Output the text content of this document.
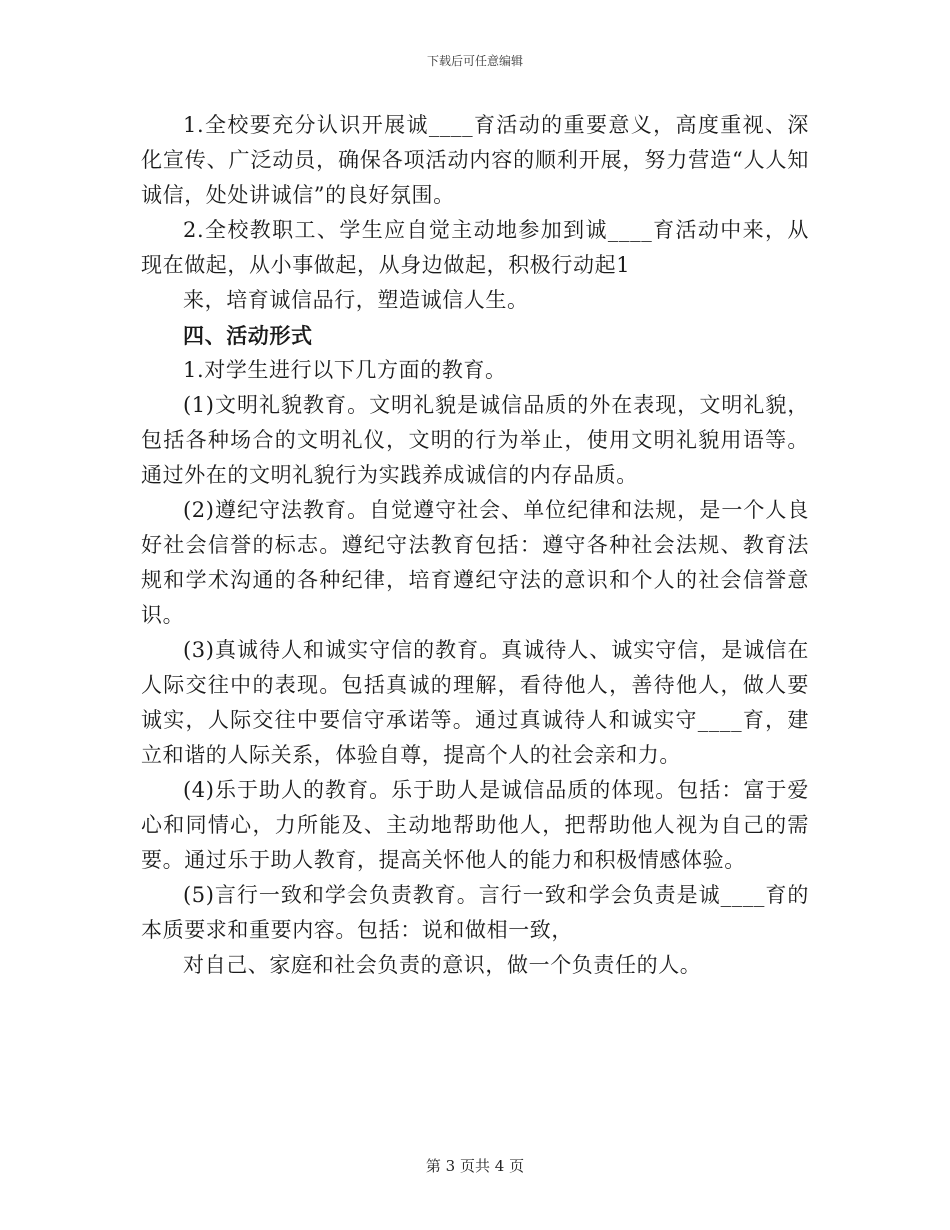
下载后可任意编辑

1.全校要充分认识开展诚____育活动的重要意义，高度重视、深化宣传、广泛动员，确保各项活动内容的顺利开展，努力营造“人人知诚信，处处讲诚信”的良好氛围。

2.全校教职工、学生应自觉主动地参加到诚____育活动中来，从现在做起，从小事做起，从身边做起，积极行动起1

来，培育诚信品行，塑造诚信人生。

四、活动形式

1.对学生进行以下几方面的教育。

(1)文明礼貌教育。文明礼貌是诚信品质的外在表现，文明礼貌，包括各种场合的文明礼仪，文明的行为举止，使用文明礼貌用语等。通过外在的文明礼貌行为实践养成诚信的内存品质。

(2)遵纪守法教育。自觉遵守社会、单位纪律和法规，是一个人良好社会信誉的标志。遵纪守法教育包括：遵守各种社会法规、教育法规和学术沟通的各种纪律，培育遵纪守法的意识和个人的社会信誉意识。

(3)真诚待人和诚实守信的教育。真诚待人、诚实守信，是诚信在人际交往中的表现。包括真诚的理解，看待他人，善待他人，做人要诚实，人际交往中要信守承诺等。通过真诚待人和诚实守____育，建立和谐的人际关系，体验自尊，提高个人的社会亲和力。

(4)乐于助人的教育。乐于助人是诚信品质的体现。包括：富于爱心和同情心，力所能及、主动地帮助他人，把帮助他人视为自己的需要。通过乐于助人教育，提高关怀他人的能力和积极情感体验。

(5)言行一致和学会负责教育。言行一致和学会负责是诚____育的本质要求和重要内容。包括：说和做相一致，

对自己、家庭和社会负责的意识，做一个负责任的人。

第 3 页共 4 页
